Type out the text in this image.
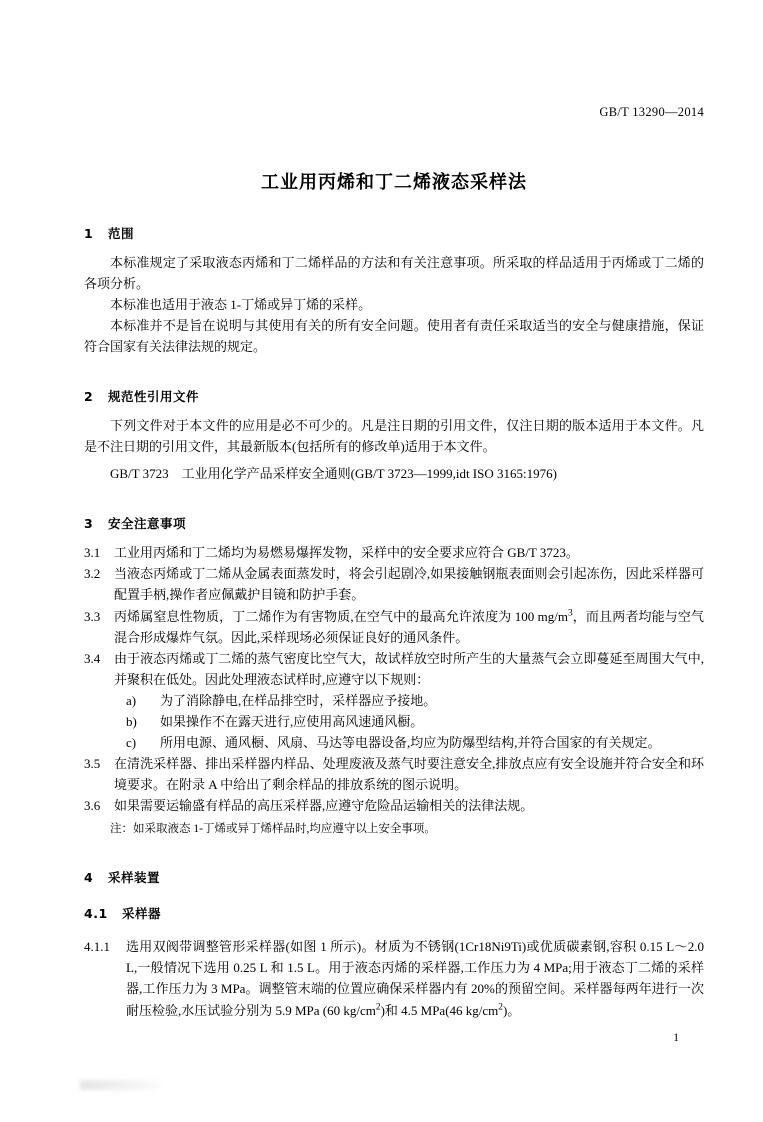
GB/T 13290—2014
工业用丙烯和丁二烯液态采样法
1 范围

本标准规定了采取液态丙烯和丁二烯样品的方法和有关注意事项。所采取的样品适用于丙烯或丁二烯的各项分析。

本标准也适用于液态 1-丁烯或异丁烯的采样。

本标准并不是旨在说明与其使用有关的所有安全问题。使用者有责任采取适当的安全与健康措施，保证符合国家有关法律法规的规定。

2 规范性引用文件

下列文件对于本文件的应用是必不可少的。凡是注日期的引用文件，仅注日期的版本适用于本文件。凡是不注日期的引用文件，其最新版本(包括所有的修改单)适用于本文件。

GB/T 3723　工业用化学产品采样安全通则(GB/T 3723—1999,idt ISO 3165:1976)

3 安全注意事项
3.1	工业用丙烯和丁二烯均为易燃易爆挥发物，采样中的安全要求应符合 GB/T 3723。
3.2	当液态丙烯或丁二烯从金属表面蒸发时，将会引起剧冷,如果接触钢瓶表面则会引起冻伤，因此采样器可配置手柄,操作者应佩戴护目镜和防护手套。
3.3	丙烯属窒息性物质，丁二烯作为有害物质,在空气中的最高允许浓度为 100 $mg/m^3$，而且两者均能与空气混合形成爆炸气氛。因此,采样现场必须保证良好的通风条件。
3.4	由于液态丙烯或丁二烯的蒸气密度比空气大，故试样放空时所产生的大量蒸气会立即蔓延至周围大气中,并聚积在低处。因此处理液态试样时,应遵守以下规则：
a)	为了消除静电,在样品排空时，采样器应予接地。
b)	如果操作不在露天进行,应使用高风速通风橱。
c)	所用电源、通风橱、风扇、马达等电器设备,均应为防爆型结构,并符合国家的有关规定。
3.5	在清洗采样器、排出采样器内样品、处理废液及蒸气时要注意安全,排放点应有安全设施并符合安全和环境要求。在附录 A 中给出了剩余样品的排放系统的图示说明。
3.6	如果需要运输盛有样品的高压采样器,应遵守危险品运输相关的法律法规。

注：如采取液态 1-丁烯或异丁烯样品时,均应遵守以上安全事项。

4 采样装置
4.1 采样器
4.1.1	选用双阀带调整管形采样器(如图 1 所示)。材质为不锈钢(1Cr18Ni9Ti)或优质碳素钢,容积 0.15 L～2.0 L,一般情况下选用 0.25 L 和 1.5 L。用于液态丙烯的采样器,工作压力为 4 MPa;用于液态丁二烯的采样器,工作压力为 3 MPa。调整管末端的位置应确保采样器内有 20%的预留空间。采样器每两年进行一次耐压检验,水压试验分别为 5.9 MPa (60 $kg/cm^2$)和 4.5 MPa(46 $kg/cm^2$)。
1
